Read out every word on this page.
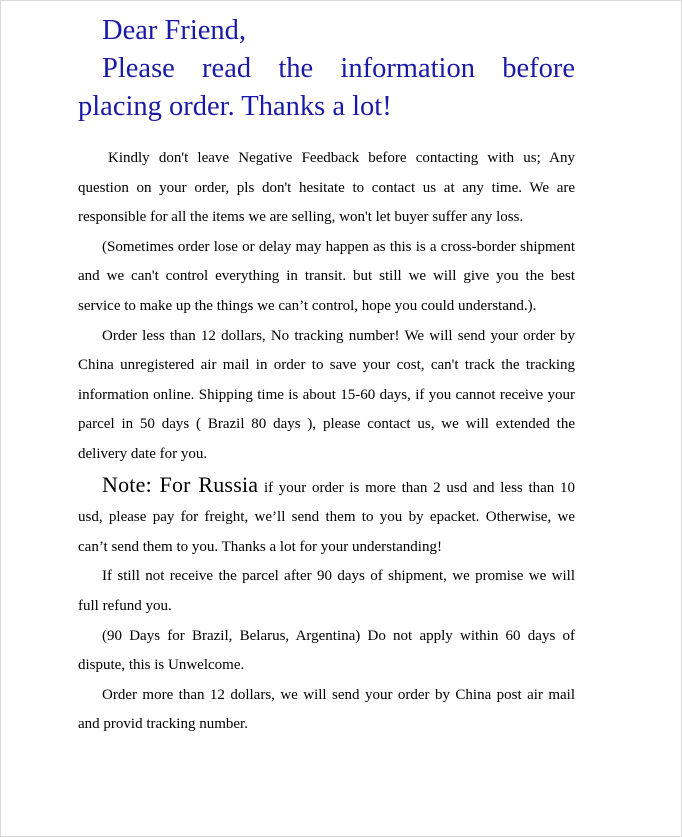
Dear Friend,

Please read the information before
placing order. Thanks a lot!

Kindly don't leave Negative Feedback before contacting with us; Any question on your order, pls don't hesitate to contact us at any time. We are responsible for all the items we are selling, won't let buyer suffer any loss.

(Sometimes order lose or delay may happen as this is a cross-border shipment and we can't control everything in transit. but still we will give you the best service to make up the things we can’t control, hope you could understand.).

Order less than 12 dollars, No tracking number! We will send your order by China unregistered air mail in order to save your cost, can't track the tracking information online. Shipping time is about 15-60 days, if you cannot receive your parcel in 50 days ( Brazil 80 days ), please contact us, we will extended the delivery date for you.

Note: For Russia if your order is more than 2 usd and less than 10 usd, please pay for freight, we’ll send them to you by epacket. Otherwise, we can’t send them to you. Thanks a lot for your understanding!

If still not receive the parcel after 90 days of shipment, we promise we will full refund you.

(90 Days for Brazil, Belarus, Argentina) Do not apply within 60 days of dispute, this is Unwelcome.

Order more than 12 dollars, we will send your order by China post air mail and provid tracking number.
